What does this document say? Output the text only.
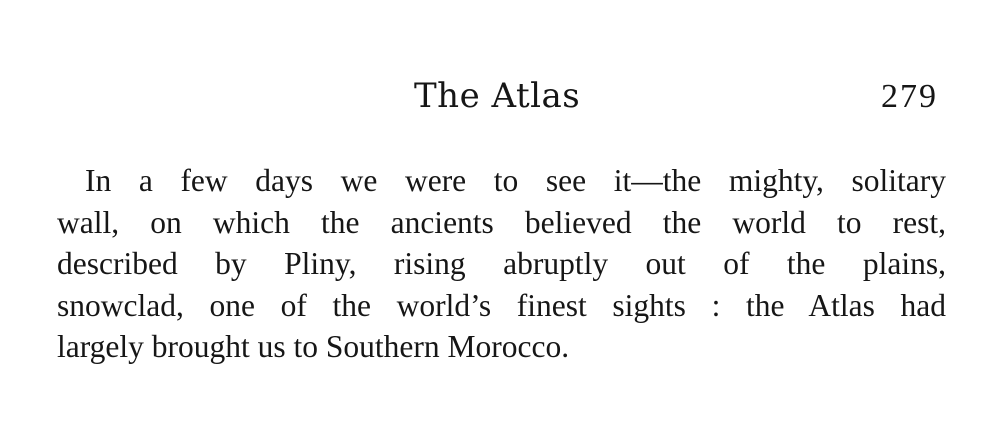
The Atlas	279
In a few days we were to see it—the mighty, solitary
wall, on which the ancients believed the world to rest,
described by Pliny, rising abruptly out of the plains,
snowclad, one of the world’s finest sights : the Atlas had
largely brought us to Southern Morocco.
